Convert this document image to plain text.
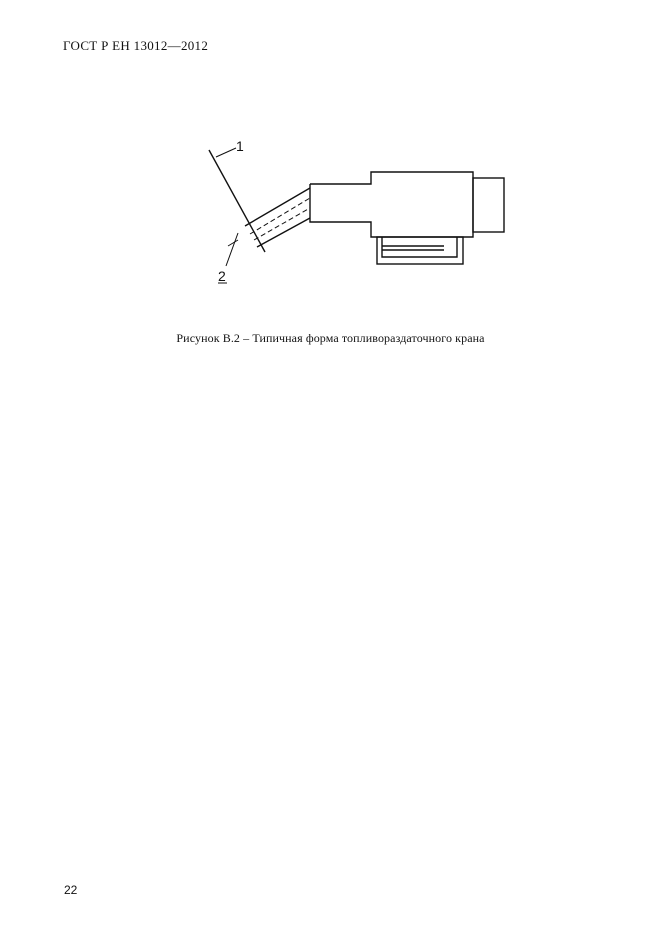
ГОСТ Р ЕН 13012—2012
1
2
Рисунок В.2 – Типичная форма топливораздаточного крана
22
